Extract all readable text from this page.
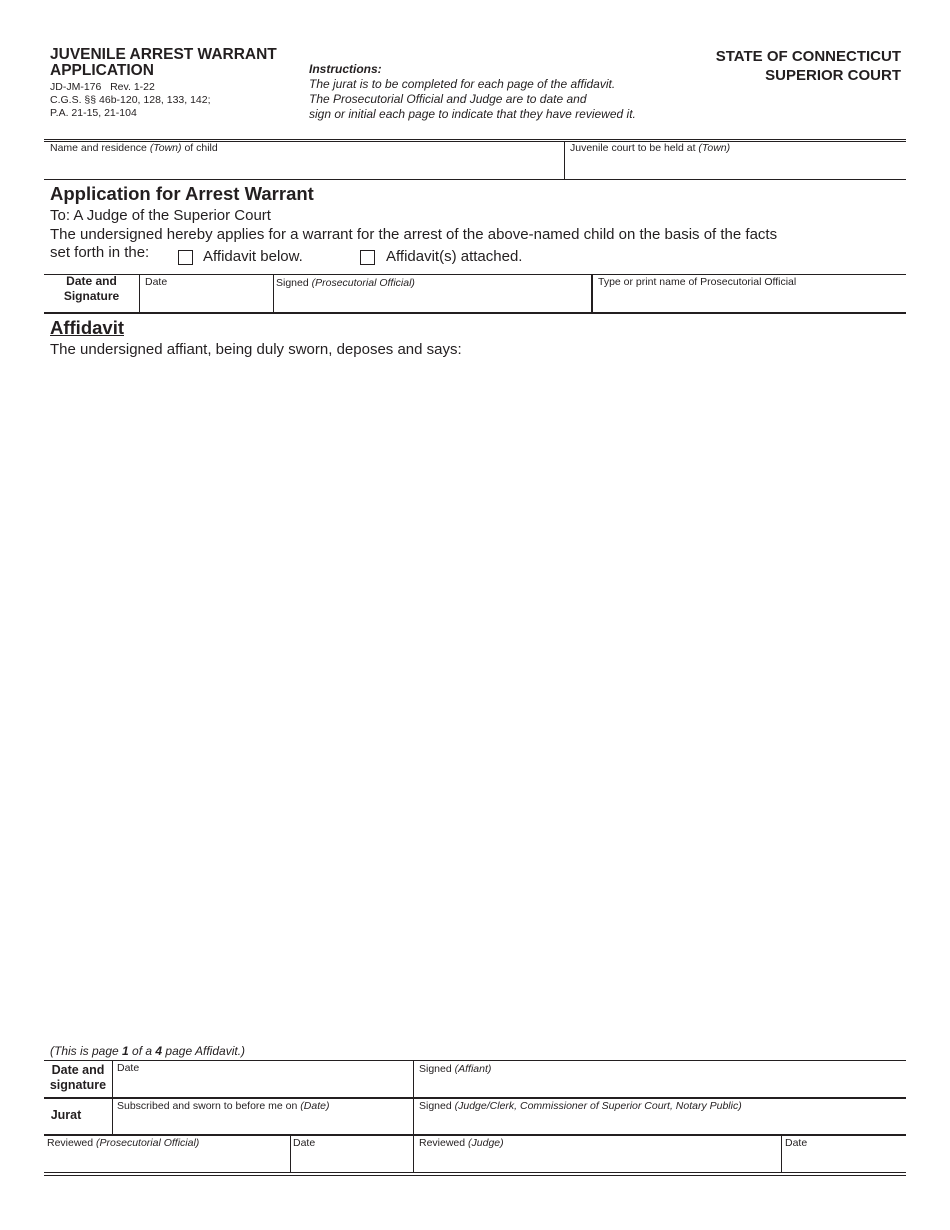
JUVENILE ARREST WARRANT
APPLICATION
JD-JM-176   Rev. 1-22
C.G.S. §§ 46b-120, 128, 133, 142;
P.A. 21-15, 21-104
Instructions:
The jurat is to be completed for each page of the affidavit.
The Prosecutorial Official and Judge are to date and
sign or initial each page to indicate that they have reviewed it.
STATE OF CONNECTICUT
SUPERIOR COURT
Name and residence (Town) of child	Juvenile court to be held at (Town)
Application for Arrest Warrant
To: A Judge of the Superior Court
The undersigned hereby applies for a warrant for the arrest of the above-named child on the basis of the facts
set forth in the:	Affidavit below.	Affidavit(s) attached.
Date and
Signature
Date	Signed (Prosecutorial Official)	Type or print name of Prosecutorial Official
Affidavit
The undersigned affiant, being duly sworn, deposes and says:
(This is page 1 of a 4 page Affidavit.)
Date and
signature
Date	Signed (Affiant)
Jurat
Subscribed and sworn to before me on (Date)	Signed (Judge/Clerk, Commissioner of Superior Court, Notary Public)
Reviewed (Prosecutorial Official)	Date	Reviewed (Judge)	Date
